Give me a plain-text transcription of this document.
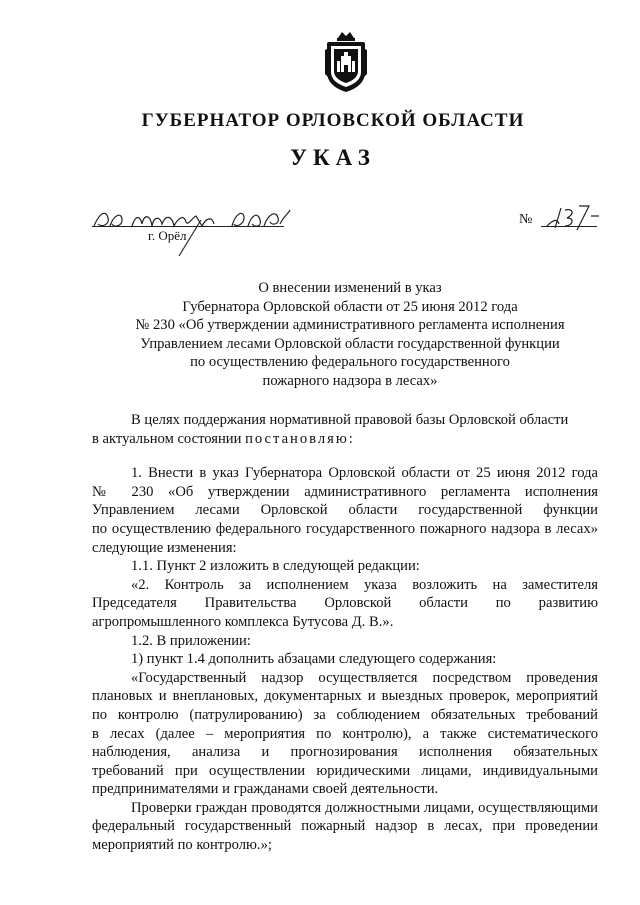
ГУБЕРНАТОР ОРЛОВСКОЙ ОБЛАСТИ
УКАЗ
г. Орёл
№
О внесении изменений в указ
Губернатора Орловской области от 25 июня 2012 года
№ 230 «Об утверждении административного регламента исполнения
Управлением лесами Орловской области государственной функции
по осуществлению федерального государственного
пожарного надзора в лесах»
В целях поддержания нормативной правовой базы Орловской области
в актуальном состоянии постановляю:
1. Внести в указ Губернатора Орловской области от 25 июня 2012 года
№ 230 «Об утверждении административного регламента исполнения
Управлением лесами Орловской области государственной функции
по осуществлению федерального государственного пожарного надзора в лесах»
следующие изменения:
1.1. Пункт 2 изложить в следующей редакции:
«2. Контроль за исполнением указа возложить на заместителя
Председателя Правительства Орловской области по развитию
агропромышленного комплекса Бутусова Д. В.».
1.2. В приложении:
1) пункт 1.4 дополнить абзацами следующего содержания:
«Государственный надзор осуществляется посредством проведения
плановых и внеплановых, документарных и выездных проверок, мероприятий
по контролю (патрулированию) за соблюдением обязательных требований
в лесах (далее – мероприятия по контролю), а также систематического
наблюдения, анализа и прогнозирования исполнения обязательных
требований при осуществлении юридическими лицами, индивидуальными
предпринимателями и гражданами своей деятельности.
Проверки граждан проводятся должностными лицами, осуществляющими
федеральный государственный пожарный надзор в лесах, при проведении
мероприятий по контролю.»;
